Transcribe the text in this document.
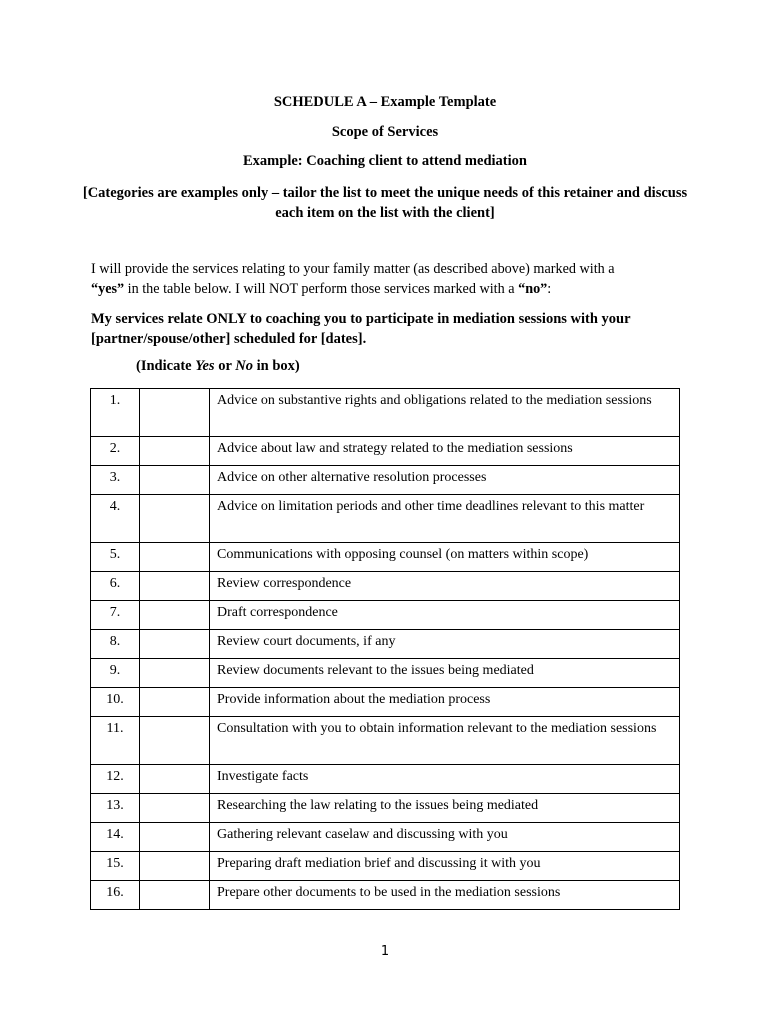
SCHEDULE A – Example Template
Scope of Services
Example: Coaching client to attend mediation
[Categories are examples only – tailor the list to meet the unique needs of this retainer and discuss each item on the list with the client]
I will provide the services relating to your family matter (as described above) marked with a
“yes” in the table below. I will NOT perform those services marked with a “no”:
My services relate ONLY to coaching you to participate in mediation sessions with your [partner/spouse/other] scheduled for [dates].
(Indicate Yes or No in box)
1.		Advice on substantive rights and obligations related to the mediation sessions
2.		Advice about law and strategy related to the mediation sessions
3.		Advice on other alternative resolution processes
4.		Advice on limitation periods and other time deadlines relevant to this matter
5.		Communications with opposing counsel (on matters within scope)
6.		Review correspondence
7.		Draft correspondence
8.		Review court documents, if any
9.		Review documents relevant to the issues being mediated
10.		Provide information about the mediation process
11.		Consultation with you to obtain information relevant to the mediation sessions
12.		Investigate facts
13.		Researching the law relating to the issues being mediated
14.		Gathering relevant caselaw and discussing with you
15.		Preparing draft mediation brief and discussing it with you
16.		Prepare other documents to be used in the mediation sessions
1
